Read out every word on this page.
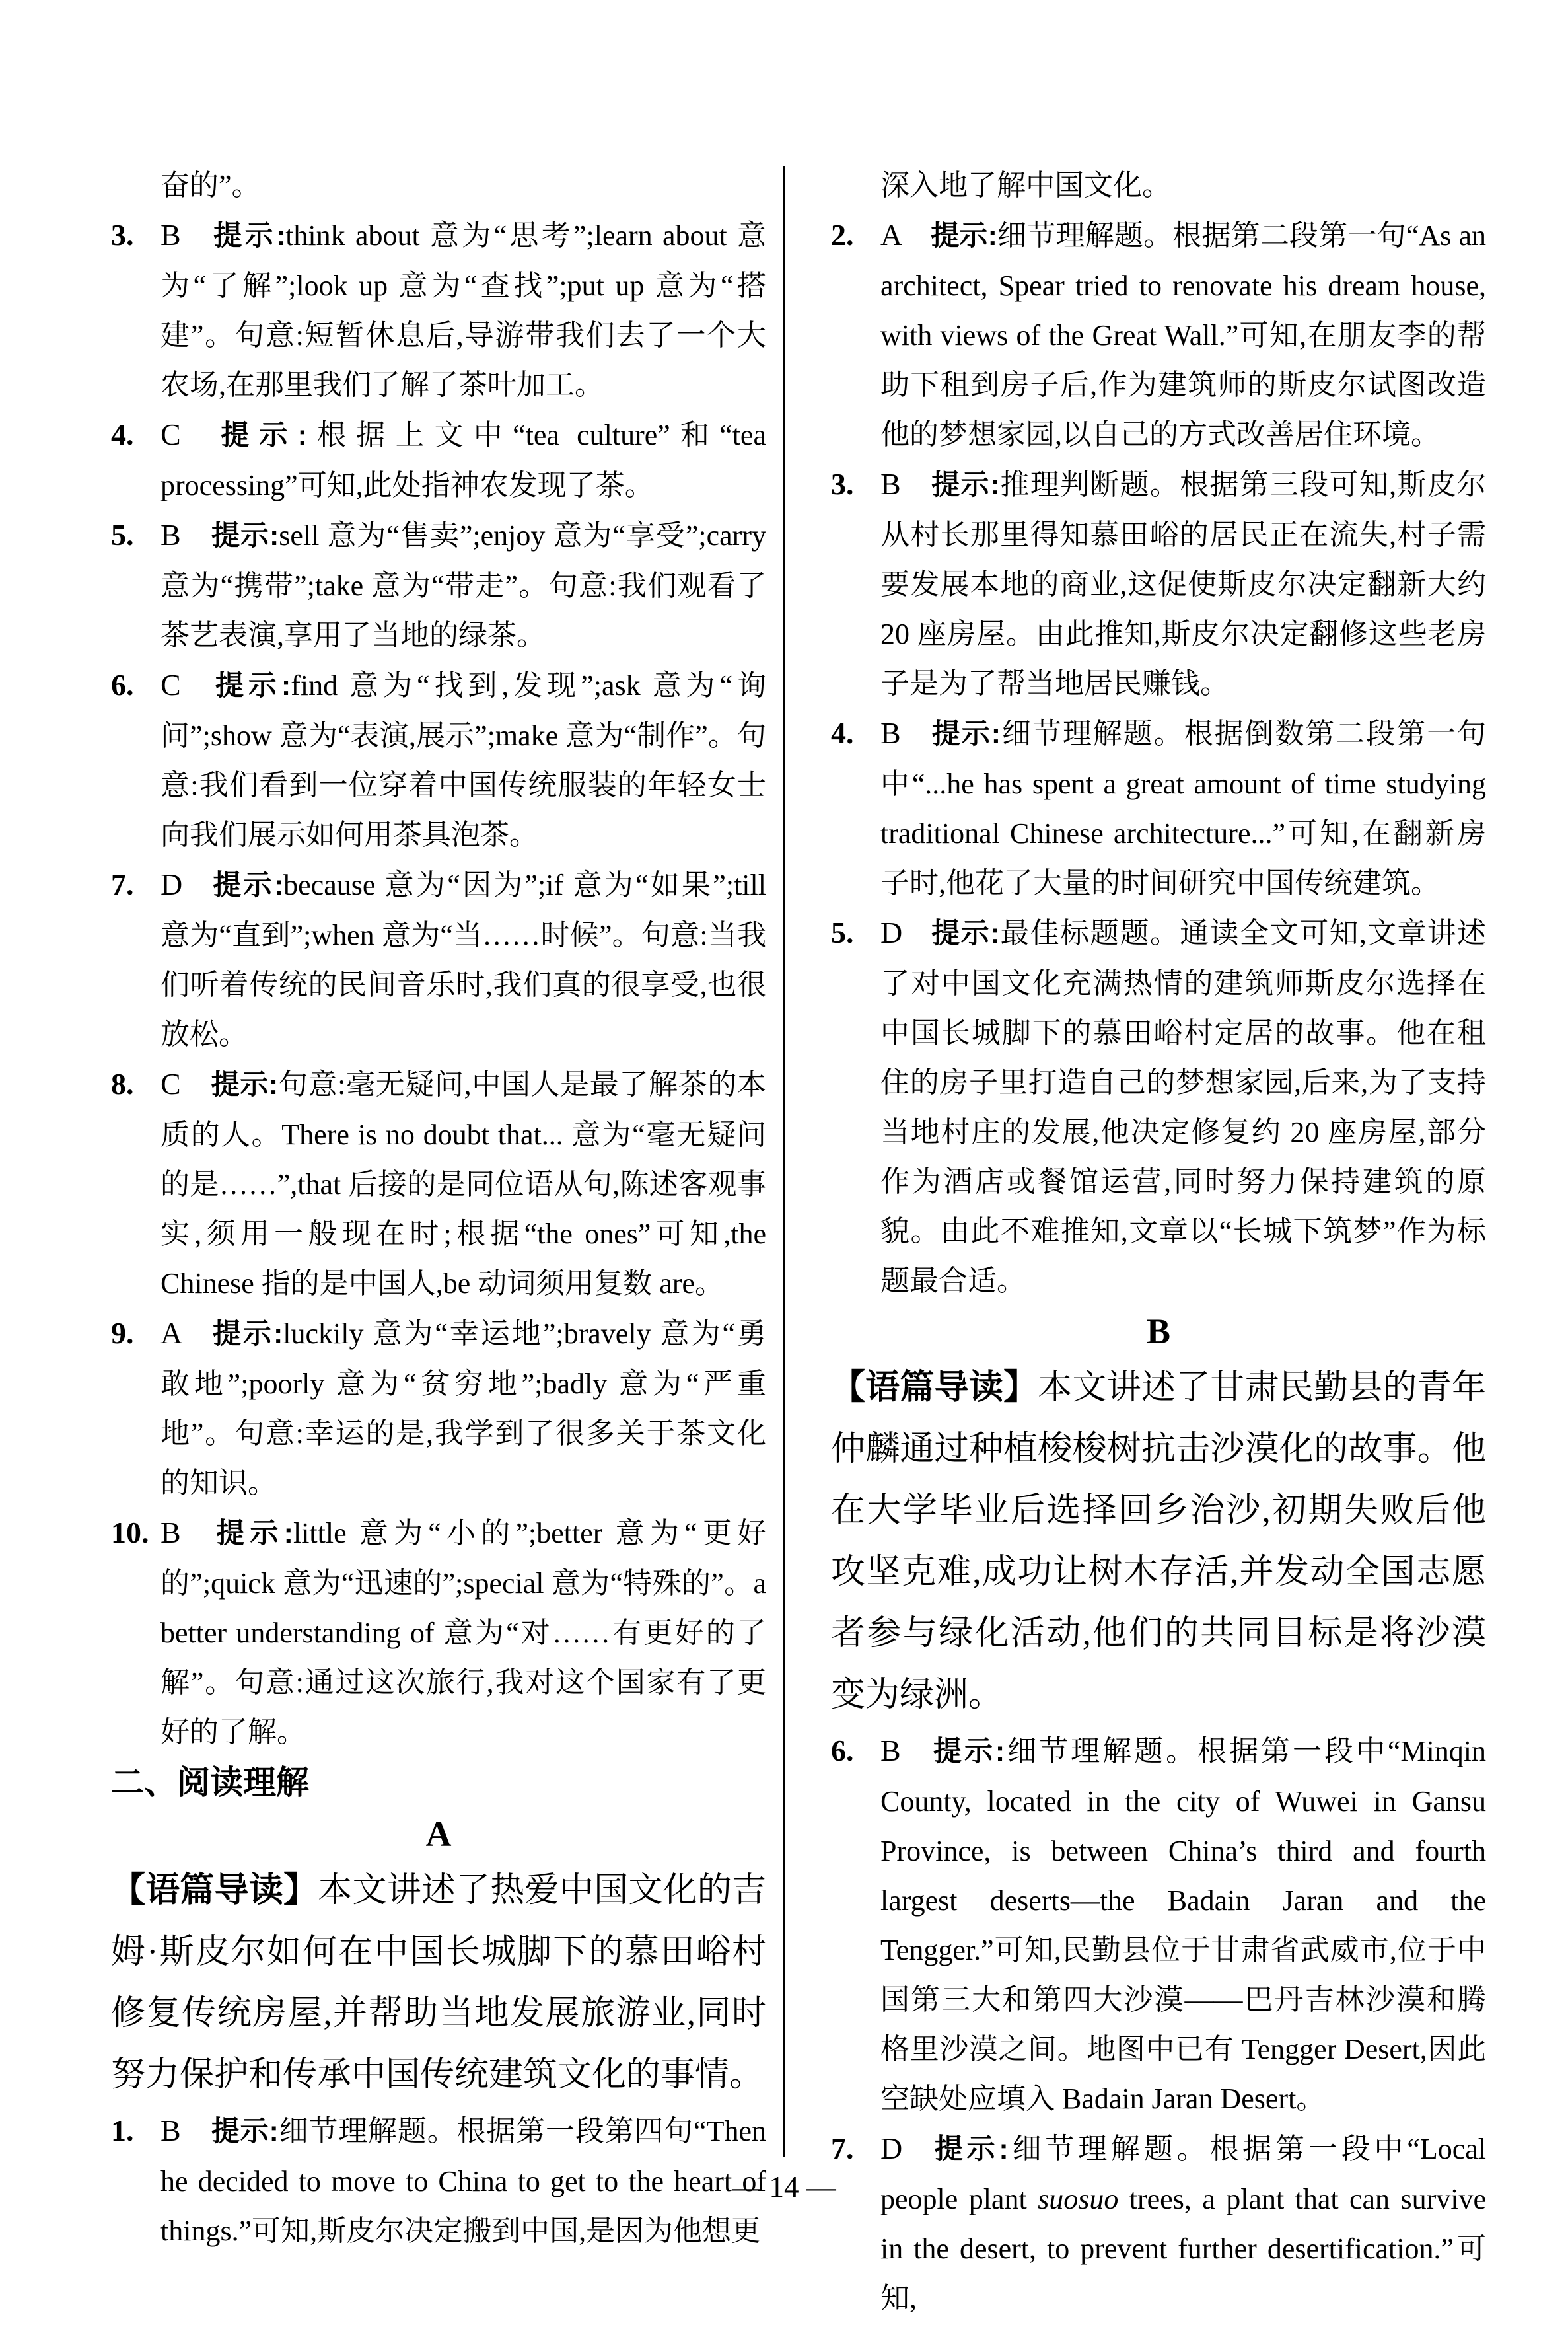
奋的”。

3. B 提示:think about 意为“思考”;learn about 意为“了解”;look up 意为“查找”;put up 意为“搭建”。句意:短暂休息后,导游带我们去了一个大农场,在那里我们了解了茶叶加工。

4. C 提示:根据上文中“tea culture”和“tea processing”可知,此处指神农发现了茶。

5. B 提示:sell 意为“售卖”;enjoy 意为“享受”;carry 意为“携带”;take 意为“带走”。句意:我们观看了茶艺表演,享用了当地的绿茶。

6. C 提示:find 意为“找到,发现”;ask 意为“询问”;show 意为“表演,展示”;make 意为“制作”。句意:我们看到一位穿着中国传统服装的年轻女士向我们展示如何用茶具泡茶。

7. D 提示:because 意为“因为”;if 意为“如果”;till 意为“直到”;when 意为“当……时候”。句意:当我们听着传统的民间音乐时,我们真的很享受,也很放松。

8. C 提示:句意:毫无疑问,中国人是最了解茶的本质的人。There is no doubt that... 意为“毫无疑问的是……”,that 后接的是同位语从句,陈述客观事实,须用一般现在时;根据“the ones”可知,the Chinese 指的是中国人,be 动词须用复数 are。

9. A 提示:luckily 意为“幸运地”;bravely 意为“勇敢地”;poorly 意为“贫穷地”;badly 意为“严重地”。句意:幸运的是,我学到了很多关于茶文化的知识。

10. B 提示:little 意为“小的”;better 意为“更好的”;quick 意为“迅速的”;special 意为“特殊的”。a better understanding of 意为“对……有更好的了解”。句意:通过这次旅行,我对这个国家有了更好的了解。

二、阅读理解
A

【语篇导读】本文讲述了热爱中国文化的吉姆·斯皮尔如何在中国长城脚下的慕田峪村修复传统房屋,并帮助当地发展旅游业,同时努力保护和传承中国传统建筑文化的事情。

1. B 提示:细节理解题。根据第一段第四句“Then he decided to move to China to get to the heart of things.”可知,斯皮尔决定搬到中国,是因为他想更

深入地了解中国文化。

2. A 提示:细节理解题。根据第二段第一句“As an architect, Spear tried to renovate his dream house, with views of the Great Wall.”可知,在朋友李的帮助下租到房子后,作为建筑师的斯皮尔试图改造他的梦想家园,以自己的方式改善居住环境。

3. B 提示:推理判断题。根据第三段可知,斯皮尔从村长那里得知慕田峪的居民正在流失,村子需要发展本地的商业,这促使斯皮尔决定翻新大约 20 座房屋。由此推知,斯皮尔决定翻修这些老房子是为了帮当地居民赚钱。

4. B 提示:细节理解题。根据倒数第二段第一句中“...he has spent a great amount of time studying traditional Chinese architecture...”可知,在翻新房子时,他花了大量的时间研究中国传统建筑。

5. D 提示:最佳标题题。通读全文可知,文章讲述了对中国文化充满热情的建筑师斯皮尔选择在中国长城脚下的慕田峪村定居的故事。他在租住的房子里打造自己的梦想家园,后来,为了支持当地村庄的发展,他决定修复约 20 座房屋,部分作为酒店或餐馆运营,同时努力保持建筑的原貌。由此不难推知,文章以“长城下筑梦”作为标题最合适。

B

【语篇导读】本文讲述了甘肃民勤县的青年仲麟通过种植梭梭树抗击沙漠化的故事。他在大学毕业后选择回乡治沙,初期失败后他攻坚克难,成功让树木存活,并发动全国志愿者参与绿化活动,他们的共同目标是将沙漠变为绿洲。

6. B 提示:细节理解题。根据第一段中“Minqin County, located in the city of Wuwei in Gansu Province, is between China’s third and fourth largest deserts—the Badain Jaran and the Tengger.”可知,民勤县位于甘肃省武威市,位于中国第三大和第四大沙漠——巴丹吉林沙漠和腾格里沙漠之间。地图中已有 Tengger Desert,因此空缺处应填入 Badain Jaran Desert。

7. D 提示:细节理解题。根据第一段中“Local people plant suosuo trees, a plant that can survive in the desert, to prevent further desertification.”可知,

— 14 —
